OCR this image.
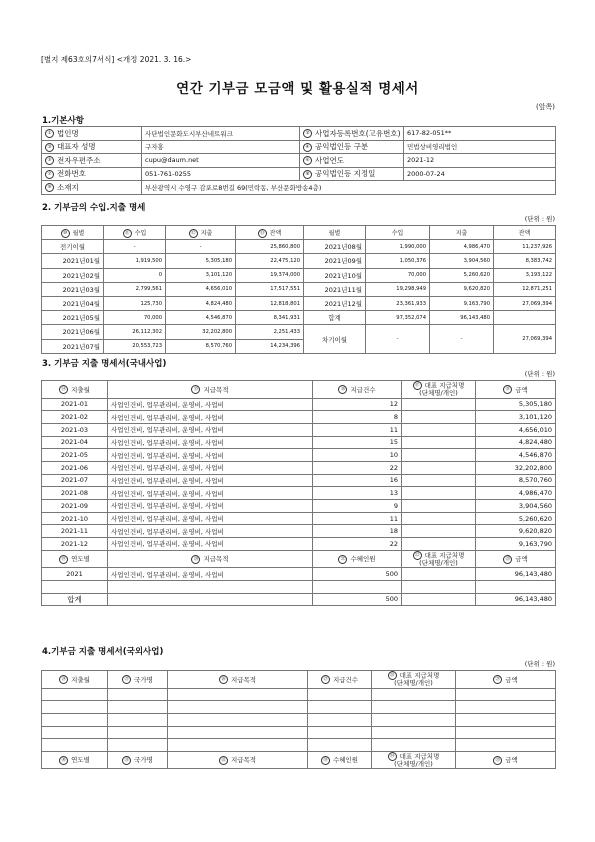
[별지 제63호의7서식] <개정 2021. 3. 16.>
연간 기부금 모금액 및 활용실적 명세서
(앞쪽)
1.기본사항
① 법인명	사단법인문화도시부산네트워크	② 사업자등록번호(고유번호)	617-82-051**
③ 대표자 성명	구자홍	④ 공익법인등 구분	민법상비영리법인
⑤ 전자우편주소	cupu@daum.net	⑥ 사업연도	2021-12
⑦ 전화번호	051-761-0255	⑧ 공익법인등 지정일	2000-07-24
⑨ 소재지	부산광역시 수영구 감포로8번길 69(민락동, 부산문화방송4층)		
2. 기부금의 수입.지출 명세
(단위 : 원)
⑩ 월별	⑪ 수입	⑫ 지출	⑬ 잔액	월별	수입	지출	잔액
전기이월	-	-	25,860,800	2021년08월	1,990,000	4,986,470	11,237,926
2021년01월	1,919,500	5,305,180	22,475,120	2021년09월	1,050,376	3,904,560	8,383,742
2021년02월	0	3,101,120	19,374,000	2021년10월	70,000	5,260,620	3,193,122
2021년03월	2,799,561	4,656,010	17,517,551	2021년11월	19,298,949	9,620,820	12,871,251
2021년04월	125,730	4,824,480	12,818,801	2021년12월	23,361,933	9,163,790	27,069,394
2021년05월	70,000	4,546,870	8,341,931	합계	97,352,074	96,143,480	
2021년06월	26,112,302	32,202,800	2,251,433	차기이월	-	-	27,069,394
2021년07월	20,553,723	8,570,760	14,234,396				
3. 기부금 지출 명세서(국내사업)
(단위 : 원)
⑭ 지출월	⑮ 지급목적	⑯ 지급건수	⑰ 대표 지급처명
(단체명/개인)	⑱ 금액
2021-01	사업인건비, 업무관리비, 운영비, 사업비	12		5,305,180
2021-02	사업인건비, 업무관리비, 운영비, 사업비	8		3,101,120
2021-03	사업인건비, 업무관리비, 운영비, 사업비	11		4,656,010
2021-04	사업인건비, 업무관리비, 운영비, 사업비	15		4,824,480
2021-05	사업인건비, 업무관리비, 운영비, 사업비	10		4,546,870
2021-06	사업인건비, 업무관리비, 운영비, 사업비	22		32,202,800
2021-07	사업인건비, 업무관리비, 운영비, 사업비	16		8,570,760
2021-08	사업인건비, 업무관리비, 운영비, 사업비	13		4,986,470
2021-09	사업인건비, 업무관리비, 운영비, 사업비	9		3,904,560
2021-10	사업인건비, 업무관리비, 운영비, 사업비	11		5,260,620
2021-11	사업인건비, 업무관리비, 운영비, 사업비	18		9,620,820
2021-12	사업인건비, 업무관리비, 운영비, 사업비	22		9,163,790
⑲ 연도별	⑳ 지급목적	㉑ 수혜인원	㉒ 대표 지급처명
(단체명/개인)	㉓ 금액
2021	사업인건비, 업무관리비, 운영비, 사업비	500		96,143,480

합계		500		96,143,480
4.기부금 지출 명세서(국외사업)
(단위 : 원)
㉔ 지출월	㉕ 국가명	㉖ 지급목적	㉗ 지급건수	㉘ 대표 지급처명
(단체명/개인)	㉙ 금액

㉚ 연도별	㉛ 국가명	㉜ 지급목적	㉝ 수혜인원	㉞ 대표 지급처명
(단체명/개인)	㉟ 금액
